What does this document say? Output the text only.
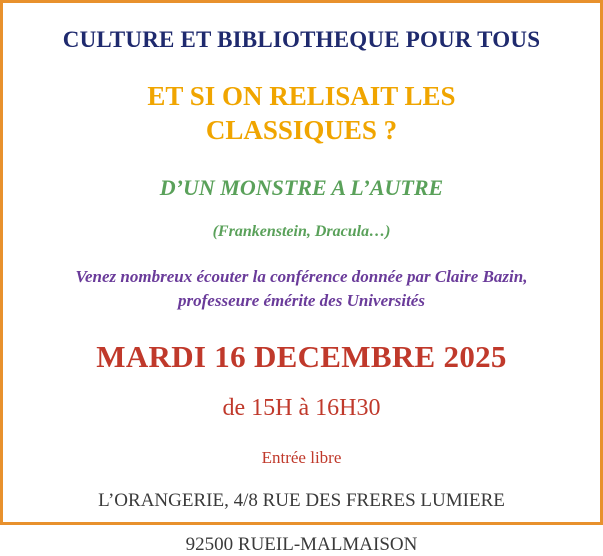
CULTURE ET BIBLIOTHEQUE POUR TOUS
ET SI ON RELISAIT LES
CLASSIQUES ?
D’UN MONSTRE A L’AUTRE
(Frankenstein, Dracula…)
Venez nombreux écouter la conférence donnée par Claire Bazin,
professeure émérite des Universités
MARDI 16 DECEMBRE 2025
de 15H à 16H30
Entrée libre
L’ORANGERIE, 4/8 RUE DES FRERES LUMIERE
92500 RUEIL-MALMAISON
